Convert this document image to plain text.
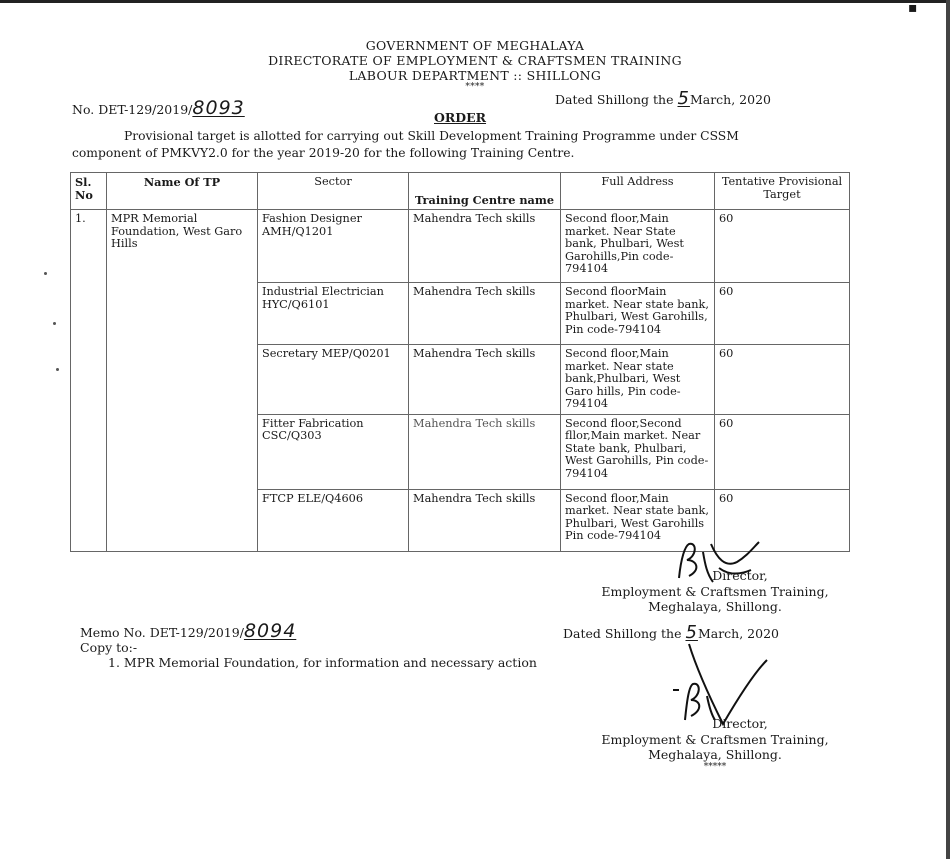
▪
GOVERNMENT OF MEGHALAYA
DIRECTORATE OF EMPLOYMENT & CRAFTSMEN TRAINING
LABOUR DEPARTMENT :: SHILLONG
****
No. DET-129/2019/8093	Dated Shillong the 5March, 2020
ORDER
Provisional target is allotted for carrying out Skill Development Training Programme under CSSM
component of PMKVY2.0 for the year 2019-20 for the following Training Centre.
Sl. No	Name Of TP	Sector	Training Centre name	Full Address	Tentative Provisional Target
1.	MPR Memorial Foundation, West Garo Hills	Fashion Designer AMH/Q1201	Mahendra Tech skills	Second floor,Main market. Near State bank, Phulbari, West Garohills,Pin code-794104	60
		Industrial Electrician HYC/Q6101	Mahendra Tech skills	Second floorMain market. Near state bank, Phulbari, West Garohills, Pin code-794104	60
		Secretary MEP/Q0201	Mahendra Tech skills	Second floor,Main market. Near state bank,Phulbari, West Garo hills, Pin code-794104	60
		Fitter Fabrication CSC/Q303	Mahendra Tech skills	Second floor,Second fllor,Main market. Near State bank, Phulbari, West Garohills, Pin code-794104	60
		FTCP ELE/Q4606	Mahendra Tech skills	Second floor,Main market. Near state bank, Phulbari, West Garohills Pin code-794104	60
Director,
Employment & Craftsmen Training,
Meghalaya, Shillong.
Memo No. DET-129/2019/8094	Dated Shillong the 5March, 2020
Copy to:-
1. MPR Memorial Foundation, for information and necessary action
Director,
Employment & Craftsmen Training,
Meghalaya, Shillong.
*****
